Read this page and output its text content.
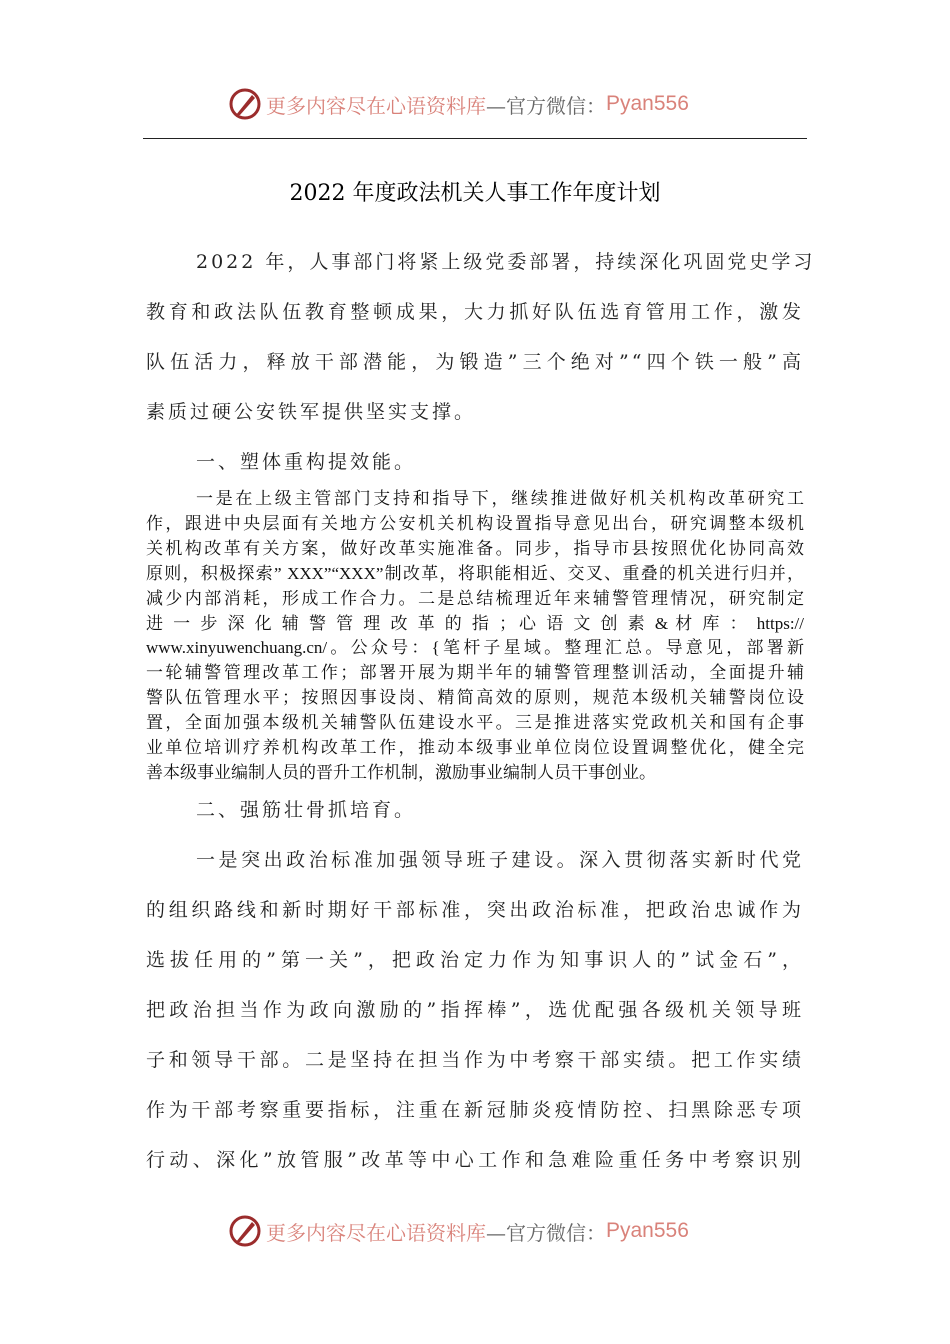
更多内容尽在心语资料库 —官方微信： Pyan556
2022 年度政法机关人事工作年度计划
2022 年，人事部门将紧上级党委部署，持续深化巩固党史学习
教育和政法队伍教育整顿成果，大力抓好队伍选育管用工作，激发
队伍活力，释放干部潜能，为锻造”三个绝对”“四个铁一般”高
素质过硬公安铁军提供坚实支撑。
一、塑体重构提效能。
一是在上级主管部门支持和指导下，继续推进做好机关机构改革研究工
作，跟进中央层面有关地方公安机关机构设置指导意见出台，研究调整本级机
关机构改革有关方案，做好改革实施准备。同步，指导市县按照优化协同高效
原则，积极探索” XXX”“XXX”制改革，将职能相近、交叉、重叠的机关进行归并，
减少内部消耗，形成工作合力。二是总结梳理近年来辅警管理情况，研究制定
进 一 步 深 化 辅 警 管 理 改 革 的 指 ；心 语 文 创 素 & 材 库 ： https://
www.xinyuwenchuang.cn/。公众号：{笔杆子星域。整理汇总。导意见，部署新
一轮辅警管理改革工作；部署开展为期半年的辅警管理整训活动，全面提升辅
警队伍管理水平；按照因事设岗、精简高效的原则，规范本级机关辅警岗位设
置，全面加强本级机关辅警队伍建设水平。三是推进落实党政机关和国有企事
业单位培训疗养机构改革工作，推动本级事业单位岗位设置调整优化，健全完
善本级事业编制人员的晋升工作机制，激励事业编制人员干事创业。
二、强筋壮骨抓培育。
一是突出政治标准加强领导班子建设。深入贯彻落实新时代党
的组织路线和新时期好干部标准，突出政治标准，把政治忠诚作为
选拔任用的”第一关”，把政治定力作为知事识人的”试金石”，
把政治担当作为政向激励的”指挥棒”，选优配强各级机关领导班
子和领导干部。二是坚持在担当作为中考察干部实绩。把工作实绩
作为干部考察重要指标，注重在新冠肺炎疫情防控、扫黑除恶专项
行动、深化”放管服”改革等中心工作和急难险重任务中考察识别
更多内容尽在心语资料库 —官方微信： Pyan556
